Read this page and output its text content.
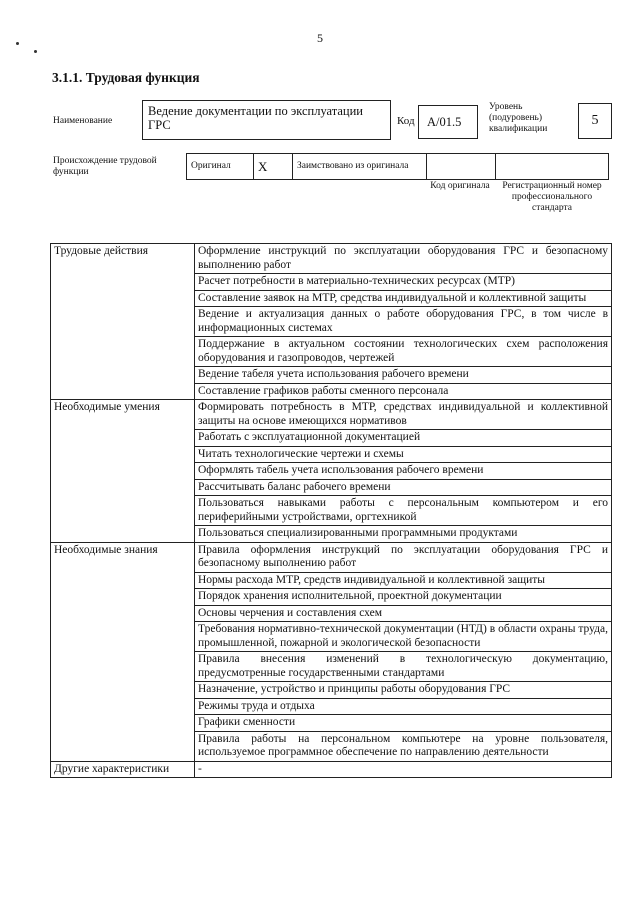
5
3.1.1. Трудовая функция
Наименование
Ведение документации по эксплуатации ГРС	Код А/01.5
Уровень (подуровень) квалификации
5
Происхождение трудовой функции
Оригинал	X	Заимствовано из оригинала		
Код оригинала	Регистрационный номер профессионального стандарта
Трудовые действия	Оформление инструкций по эксплуатации оборудования ГРС и безопасному выполнению работ
	Расчет потребности в материально-технических ресурсах (МТР)
	Составление заявок на МТР, средства индивидуальной и коллективной защиты
	Ведение и актуализация данных о работе оборудования ГРС, в том числе в информационных системах
	Поддержание в актуальном состоянии технологических схем расположения оборудования и газопроводов, чертежей
	Ведение табеля учета использования рабочего времени
	Составление графиков работы сменного персонала
Необходимые умения	Формировать потребность в МТР, средствах индивидуальной и коллективной защиты на основе имеющихся нормативов
	Работать с эксплуатационной документацией
	Читать технологические чертежи и схемы
	Оформлять табель учета использования рабочего времени
	Рассчитывать баланс рабочего времени
	Пользоваться навыками работы с персональным компьютером и его периферийными устройствами, оргтехникой
	Пользоваться специализированными программными продуктами
Необходимые знания	Правила оформления инструкций по эксплуатации оборудования ГРС и безопасному выполнению работ
	Нормы расхода МТР, средств индивидуальной и коллективной защиты
	Порядок хранения исполнительной, проектной документации
	Основы черчения и составления схем
	Требования нормативно-технической документации (НТД) в области охраны труда, промышленной, пожарной и экологической безопасности
	Правила внесения изменений в технологическую документацию, предусмотренные государственными стандартами
	Назначение, устройство и принципы работы оборудования ГРС
	Режимы труда и отдыха
	Графики сменности
	Правила работы на персональном компьютере на уровне пользователя, используемое программное обеспечение по направлению деятельности
Другие характеристики	-
